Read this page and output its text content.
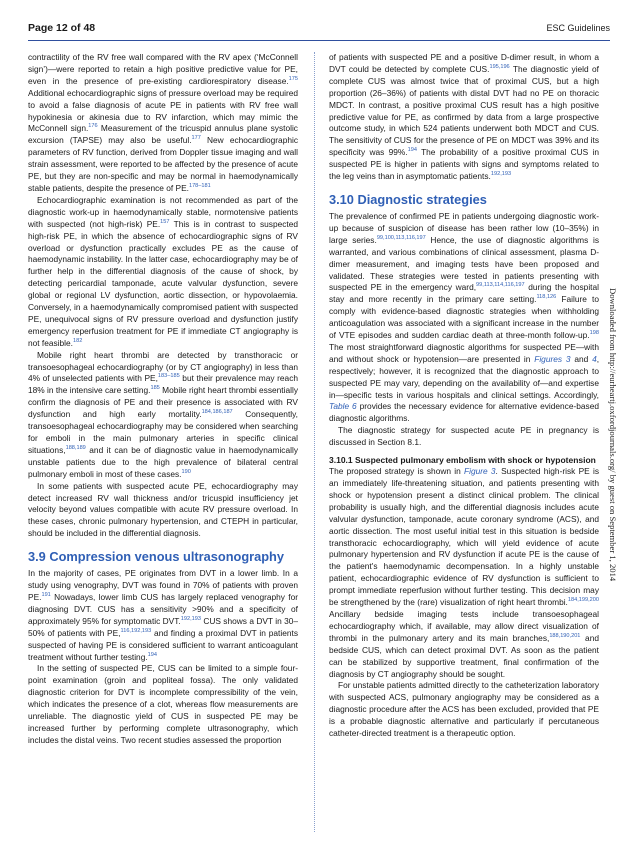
Page 12 of 48	ESC Guidelines

contractility of the RV free wall compared with the RV apex (‘McConnell sign’)—were reported to retain a high positive predictive value for PE, even in the presence of pre-existing cardiorespiratory disease.$^{175}$ Additional echocardiographic signs of pressure overload may be required to avoid a false diagnosis of acute PE in patients with RV free wall hypokinesia or akinesia due to RV infarction, which may mimic the McConnell sign.$^{176}$ Measurement of the tricuspid annulus plane systolic excursion (TAPSE) may also be useful.$^{177}$ New echocardiographic parameters of RV function, derived from Doppler tissue imaging and wall strain assessment, were reported to be affected by the presence of acute PE, but they are non-specific and may be normal in haemodynamically stable patients, despite the presence of PE.$^{178-181}$

Echocardiographic examination is not recommended as part of the diagnostic work-up in haemodynamically stable, normotensive patients with suspected (not high-risk) PE.$^{157}$ This is in contrast to suspected high-risk PE, in which the absence of echocardiographic signs of RV overload or dysfunction practically excludes PE as the cause of haemodynamic instability. In the latter case, echocardiography may be of further help in the differential diagnosis of the cause of shock, by detecting pericardial tamponade, acute valvular dysfunction, severe global or regional LV dysfunction, aortic dissection, or hypovolaemia. Conversely, in a haemodynamically compromised patient with suspected PE, unequivocal signs of RV pressure overload and dysfunction justify emergency reperfusion treatment for PE if immediate CT angiography is not feasible.$^{182}$

Mobile right heart thrombi are detected by transthoracic or transoesophageal echocardiography (or by CT angiography) in less than 4% of unselected patients with PE,$^{183-185}$ but their prevalence may reach 18% in the intensive care setting.$^{185}$ Mobile right heart thrombi essentially confirm the diagnosis of PE and their presence is associated with RV dysfunction and high early mortality.$^{184,186,187}$ Consequently, transoesophageal echocardiography may be considered when searching for emboli in the main pulmonary arteries in specific clinical situations,$^{188,189}$ and it can be of diagnostic value in haemodynamically unstable patients due to the high prevalence of bilateral central pulmonary emboli in most of these cases.$^{190}$

In some patients with suspected acute PE, echocardiography may detect increased RV wall thickness and/or tricuspid insufficiency jet velocity beyond values compatible with acute RV pressure overload. In these cases, chronic pulmonary hypertension, and CTEPH in particular, should be included in the differential diagnosis.

3.9 Compression venous ultrasonography

In the majority of cases, PE originates from DVT in a lower limb. In a study using venography, DVT was found in 70% of patients with proven PE.$^{191}$ Nowadays, lower limb CUS has largely replaced venography for diagnosing DVT. CUS has a sensitivity >90% and a specificity of approximately 95% for symptomatic DVT.$^{192,193}$ CUS shows a DVT in 30–50% of patients with PE,$^{116,192,193}$ and finding a proximal DVT in patients suspected of having PE is considered sufficient to warrant anticoagulant treatment without further testing.$^{194}$

In the setting of suspected PE, CUS can be limited to a simple four-point examination (groin and popliteal fossa). The only validated diagnostic criterion for DVT is incomplete compressibility of the vein, which indicates the presence of a clot, whereas flow measurements are unreliable. The diagnostic yield of CUS in suspected PE may be increased further by performing complete ultrasonography, which includes the distal veins. Two recent studies assessed the proportion

of patients with suspected PE and a positive D-dimer result, in whom a DVT could be detected by complete CUS.$^{195,196}$ The diagnostic yield of complete CUS was almost twice that of proximal CUS, but a high proportion (26–36%) of patients with distal DVT had no PE on thoracic MDCT. In contrast, a positive proximal CUS result has a high positive predictive value for PE, as confirmed by data from a large prospective outcome study, in which 524 patients underwent both MDCT and CUS. The sensitivity of CUS for the presence of PE on MDCT was 39% and its specificity was 99%.$^{194}$ The probability of a positive proximal CUS in suspected PE is higher in patients with signs and symptoms related to the leg veins than in asymptomatic patients.$^{192,193}$

3.10 Diagnostic strategies

The prevalence of confirmed PE in patients undergoing diagnostic work-up because of suspicion of disease has been rather low (10–35%) in large series.$^{99,100,113,116,197}$ Hence, the use of diagnostic algorithms is warranted, and various combinations of clinical assessment, plasma D-dimer measurement, and imaging tests have been proposed and validated. These strategies were tested in patients presenting with suspected PE in the emergency ward,$^{99,113,114,116,197}$ during the hospital stay and more recently in the primary care setting.$^{118,126}$ Failure to comply with evidence-based diagnostic strategies when withholding anticoagulation was associated with a significant increase in the number of VTE episodes and sudden cardiac death at three-month follow-up.$^{198}$ The most straightforward diagnostic algorithms for suspected PE—with and without shock or hypotension—are presented in Figures 3 and 4, respectively; however, it is recognized that the diagnostic approach to suspected PE may vary, depending on the availability of—and expertise in—specific tests in various hospitals and clinical settings. Accordingly, Table 6 provides the necessary evidence for alternative evidence-based diagnostic algorithms.

The diagnostic strategy for suspected acute PE in pregnancy is discussed in Section 8.1.

3.10.1 Suspected pulmonary embolism with shock or hypotension

The proposed strategy is shown in Figure 3. Suspected high-risk PE is an immediately life-threatening situation, and patients presenting with shock or hypotension present a distinct clinical problem. The clinical probability is usually high, and the differential diagnosis includes acute valvular dysfunction, tamponade, acute coronary syndrome (ACS), and aortic dissection. The most useful initial test in this situation is bedside transthoracic echocardiography, which will yield evidence of acute pulmonary hypertension and RV dysfunction if acute PE is the cause of the patient's haemodynamic decompensation. In a highly unstable patient, echocardiographic evidence of RV dysfunction is sufficient to prompt immediate reperfusion without further testing. This decision may be strengthened by the (rare) visualization of right heart thrombi.$^{184,199,200}$ Ancillary bedside imaging tests include transoesophageal echocardiography which, if available, may allow direct visualization of thrombi in the pulmonary artery and its main branches,$^{188,190,201}$ and bedside CUS, which can detect proximal DVT. As soon as the patient can be stabilized by supportive treatment, final confirmation of the diagnosis by CT angiography should be sought.

For unstable patients admitted directly to the catheterization laboratory with suspected ACS, pulmonary angiography may be considered as a diagnostic procedure after the ACS has been excluded, provided that PE is a probable diagnostic alternative and particularly if percutaneous catheter-directed treatment is a therapeutic option.

Downloaded from http://eurheartj.oxfordjournals.org/ by guest on September 1, 2014
